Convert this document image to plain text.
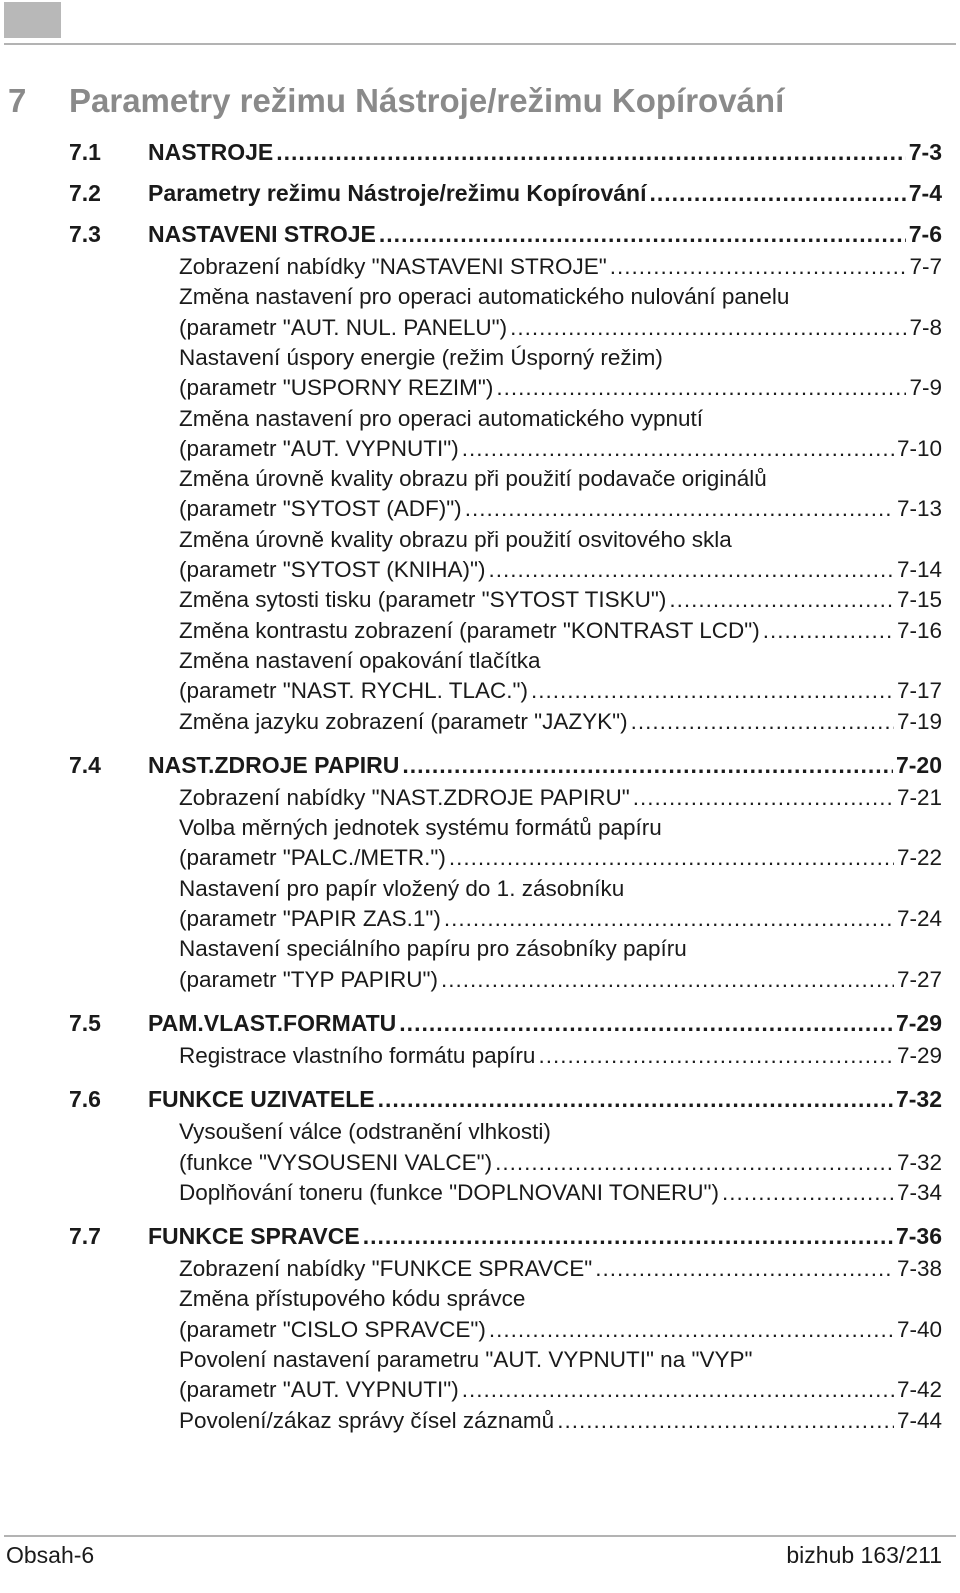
7 Parametry režimu Nástroje/režimu Kopírování
7.1 NASTROJE .....	7-3
7.2 Parametry režimu Nástroje/režimu Kopírování .....	7-4
7.3 NASTAVENI STROJE .....	7-6
Zobrazení nabídky "NASTAVENI STROJE" .....	7-7
Změna nastavení pro operaci automatického nulování panelu
(parametr "AUT. NUL. PANELU") .....	7-8
Nastavení úspory energie (režim Úsporný režim)
(parametr "USPORNY REZIM") .....	7-9
Změna nastavení pro operaci automatického vypnutí
(parametr "AUT. VYPNUTI") .....	7-10
Změna úrovně kvality obrazu při použití podavače originálů
(parametr "SYTOST (ADF)") .....	7-13
Změna úrovně kvality obrazu při použití osvitového skla
(parametr "SYTOST (KNIHA)") .....	7-14
Změna sytosti tisku (parametr "SYTOST TISKU") .....	7-15
Změna kontrastu zobrazení (parametr "KONTRAST LCD") .....	7-16
Změna nastavení opakování tlačítka
(parametr "NAST. RYCHL. TLAC.") .....	7-17
Změna jazyku zobrazení (parametr "JAZYK") .....	7-19
7.4 NAST.ZDROJE PAPIRU .....	7-20
Zobrazení nabídky "NAST.ZDROJE PAPIRU" .....	7-21
Volba měrných jednotek systému formátů papíru
(parametr "PALC./METR.") .....	7-22
Nastavení pro papír vložený do 1. zásobníku
(parametr "PAPIR ZAS.1") .....	7-24
Nastavení speciálního papíru pro zásobníky papíru
(parametr "TYP PAPIRU") .....	7-27
7.5 PAM.VLAST.FORMATU .....	7-29
Registrace vlastního formátu papíru .....	7-29
7.6 FUNKCE UZIVATELE .....	7-32
Vysoušení válce (odstranění vlhkosti)
(funkce "VYSOUSENI VALCE") .....	7-32
Doplňování toneru (funkce "DOPLNOVANI TONERU") .....	7-34
7.7 FUNKCE SPRAVCE .....	7-36
Zobrazení nabídky "FUNKCE SPRAVCE" .....	7-38
Změna přístupového kódu správce
(parametr "CISLO SPRAVCE") .....	7-40
Povolení nastavení parametru "AUT. VYPNUTI" na "VYP"
(parametr "AUT. VYPNUTI") .....	7-42
Povolení/zákaz správy čísel záznamů .....	7-44
Obsah-6	bizhub 163/211
